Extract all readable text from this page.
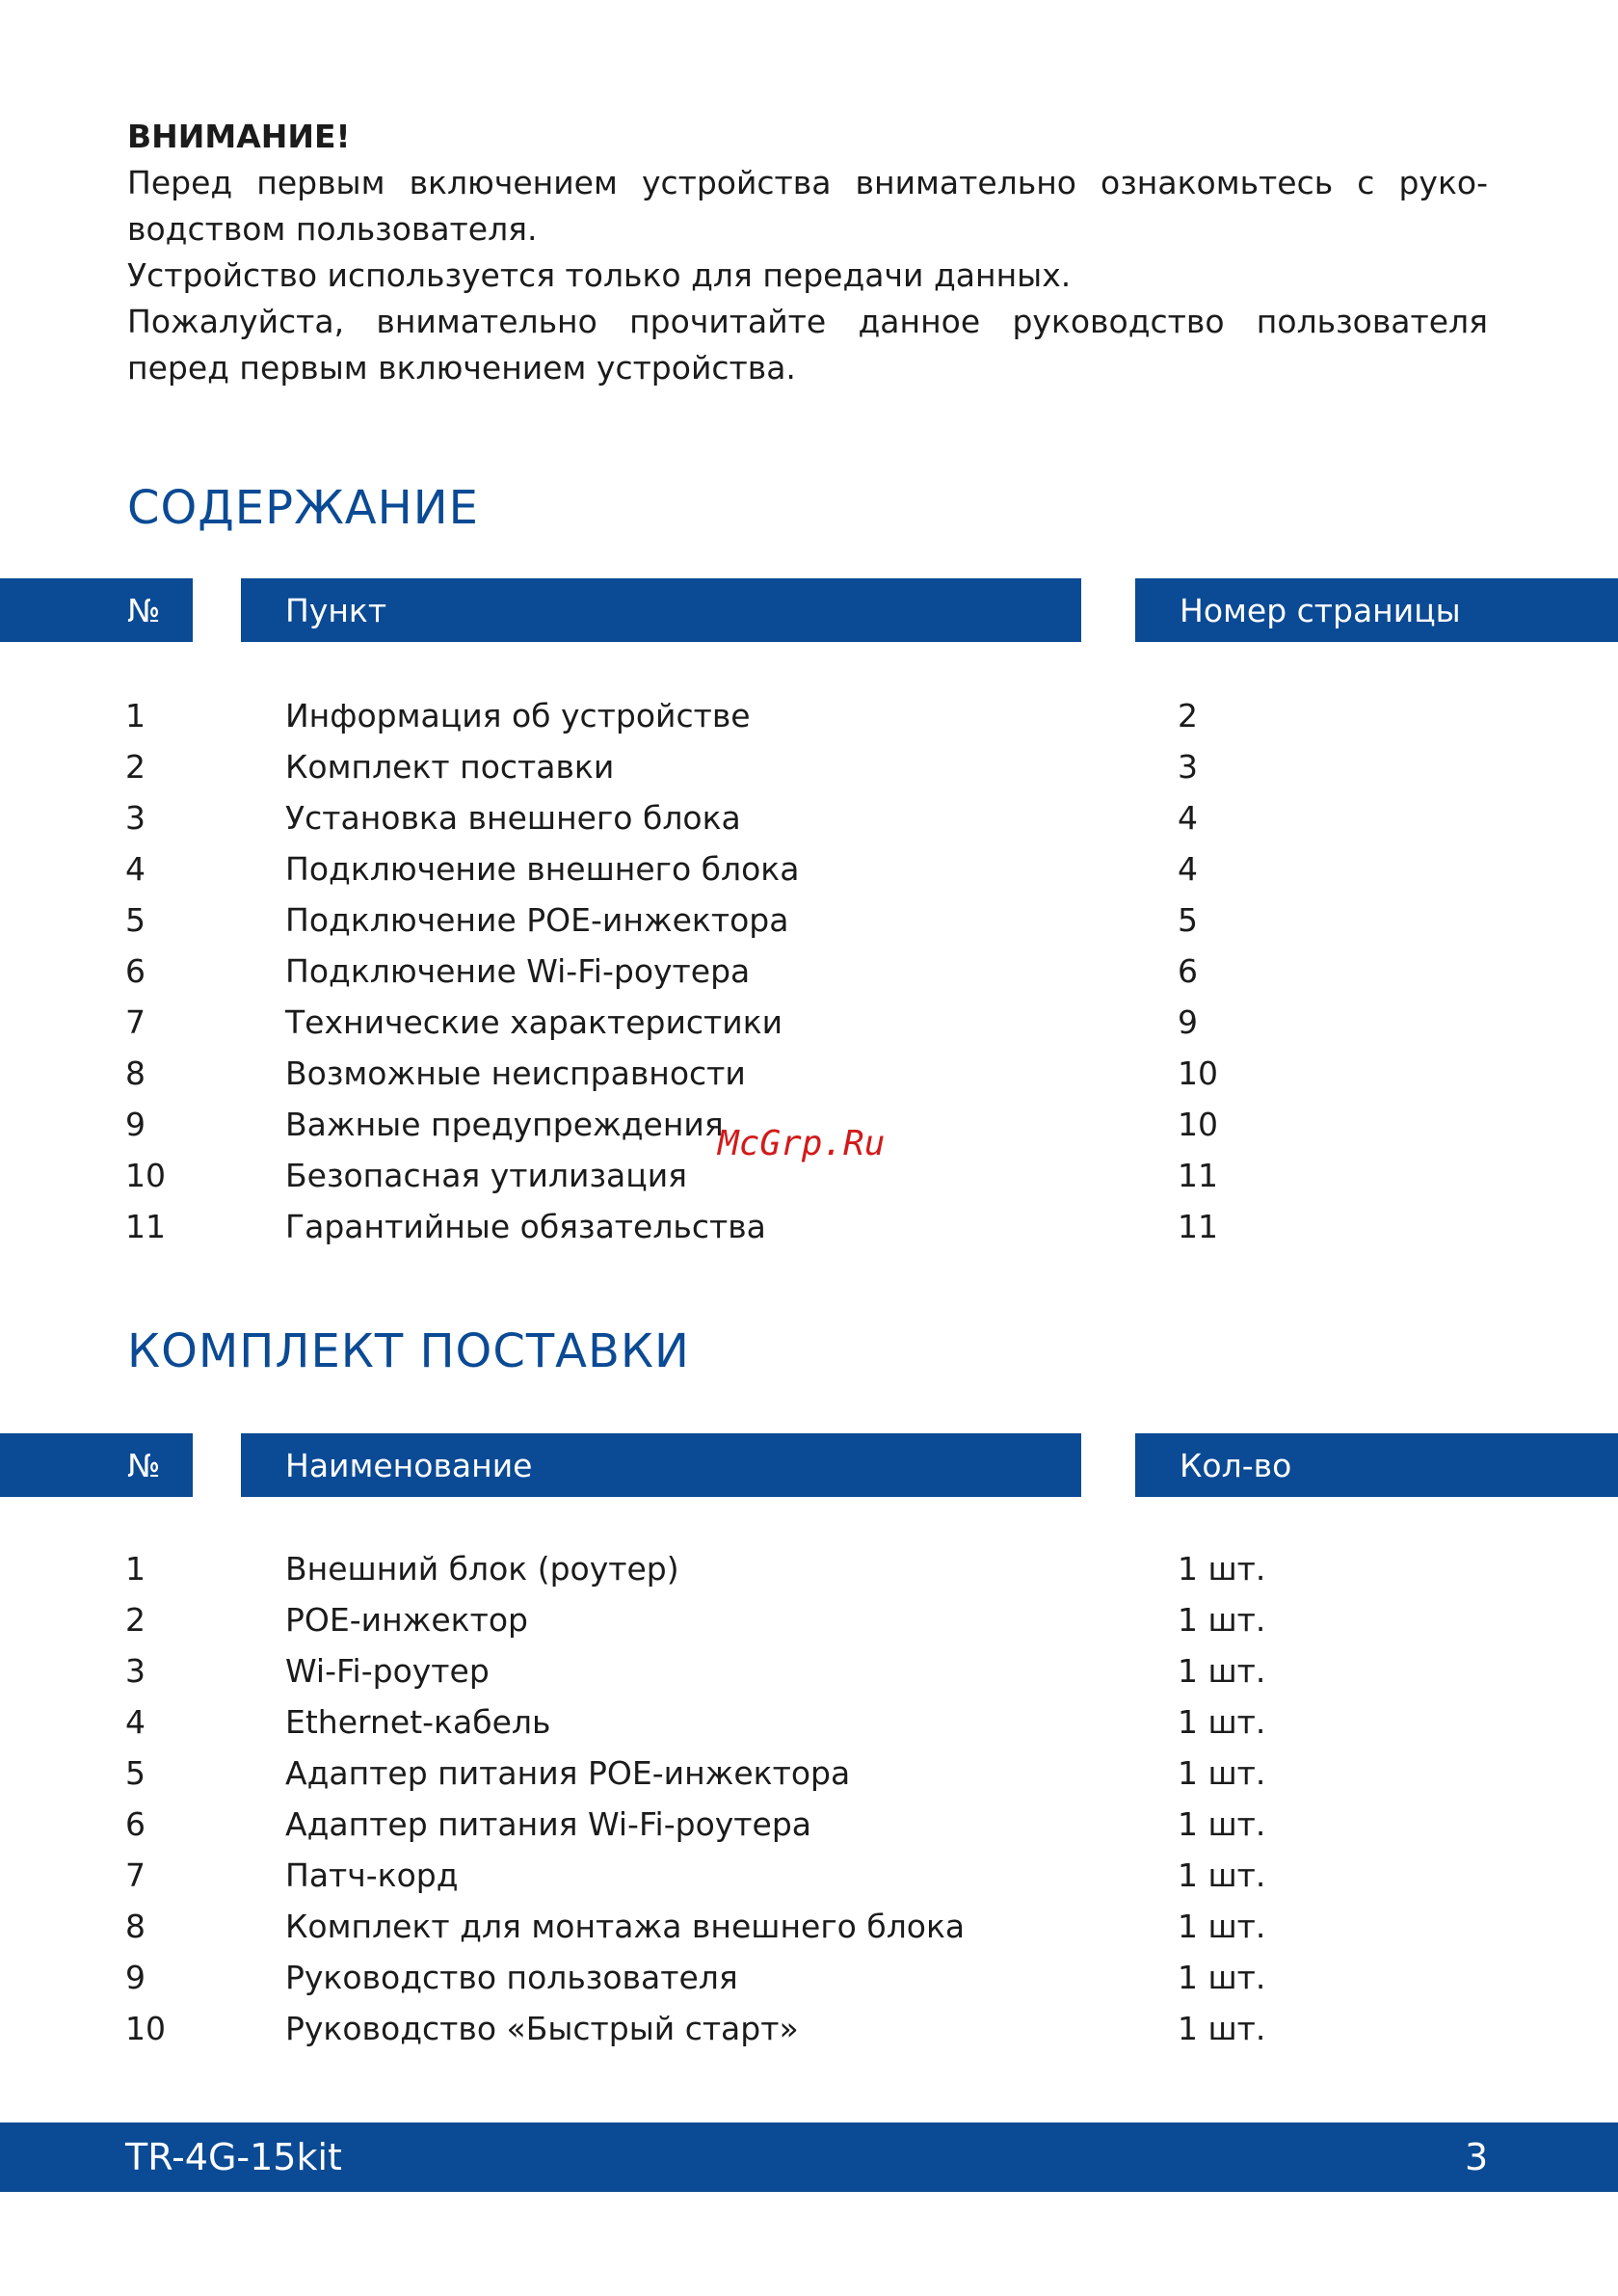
ВНИМАНИЕ!
Перед первым включением устройства внимательно ознакомьтесь с руко-
водством пользователя.
Устройство используется только для передачи данных.
Пожалуйста, внимательно прочитайте данное руководство пользователя
перед первым включением устройства.
СОДЕРЖАНИЕ
№	Пункт	Номер страницы
1	Информация об устройстве	2
2	Комплект поставки	3
3	Установка внешнего блока	4
4	Подключение внешнего блока	4
5	Подключение POE-инжектора	5
6	Подключение Wi-Fi-роутера	6
7	Технические характеристики	9
8	Возможные неисправности	10
9	Важные предупреждения	10
10	Безопасная утилизация	11
11	Гарантийные обязательства	11
McGrp.Ru
КОМПЛЕКТ ПОСТАВКИ
№	Наименование	Кол-во
1	Внешний блок (роутер)	1 шт.
2	POE-инжектор	1 шт.
3	Wi-Fi-роутер	1 шт.
4	Ethernet-кабель	1 шт.
5	Адаптер питания POE-инжектора	1 шт.
6	Адаптер питания Wi-Fi-роутера	1 шт.
7	Патч-корд	1 шт.
8	Комплект для монтажа внешнего блока	1 шт.
9	Руководство пользователя	1 шт.
10	Руководство «Быстрый старт»	1 шт.
TR-4G-15kit	3
